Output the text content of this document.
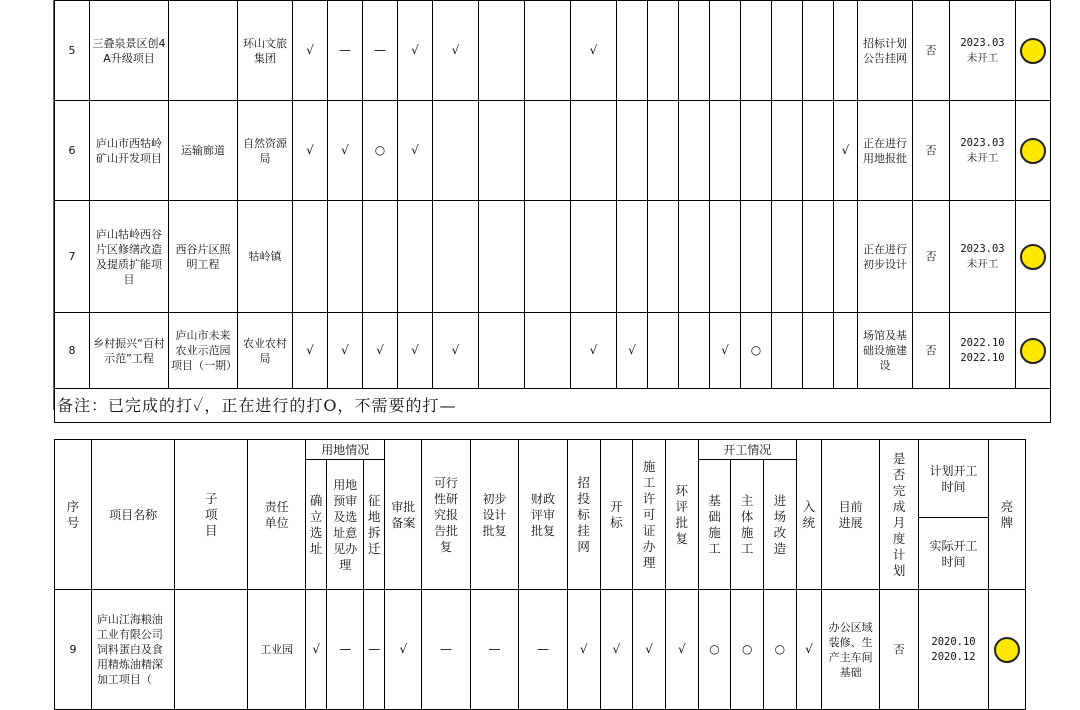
5	三叠泉景区创4A升级项目		环山文旅集团	√	—	—	√	√			√									招标计划公告挂网	否	2023.03
未开工	

6	庐山市西牯岭矿山开发项目	运输廊道	自然资源局	√	√	○	√												√	正在进行用地报批	否	2023.03
未开工	

7	庐山牯岭西谷片区修缮改造及提质扩能项目	西谷片区照明工程	牯岭镇																	正在进行初步设计	否	2023.03
未开工	

8	乡村振兴“百村示范”工程	庐山市未来农业示范园项目（一期）	农业农村局	√	√	√	√	√			√	√			√	○				场馆及基础设施建设	否	2022.10
2022.10	

备注：已完成的打✓，正在进行的打O，不需要的打—																							
序号	项目名称	子项目	责任单位	用地情况			审批备案	可行性研究报告批复	初步设计批复	财政评审批复	招投标挂网	开标	施工许可证办理	环评批复	开工情况			入统	目前进展	是否完成月度计划	计划开工时间	亮牌
				确立选址	用地预审及选址意见办理	征地拆迁									基础施工	主体施工	进场改造					

																					实际开工时间	

9	庐山江海粮油工业有限公司饲料蛋白及食用精炼油精深加工项目（		工业园	√	—	—	√	—	—	—	√	√	√	√	○	○	○	√	办公区域装修、生产主车间基础	否	2020.10
2020.12	
